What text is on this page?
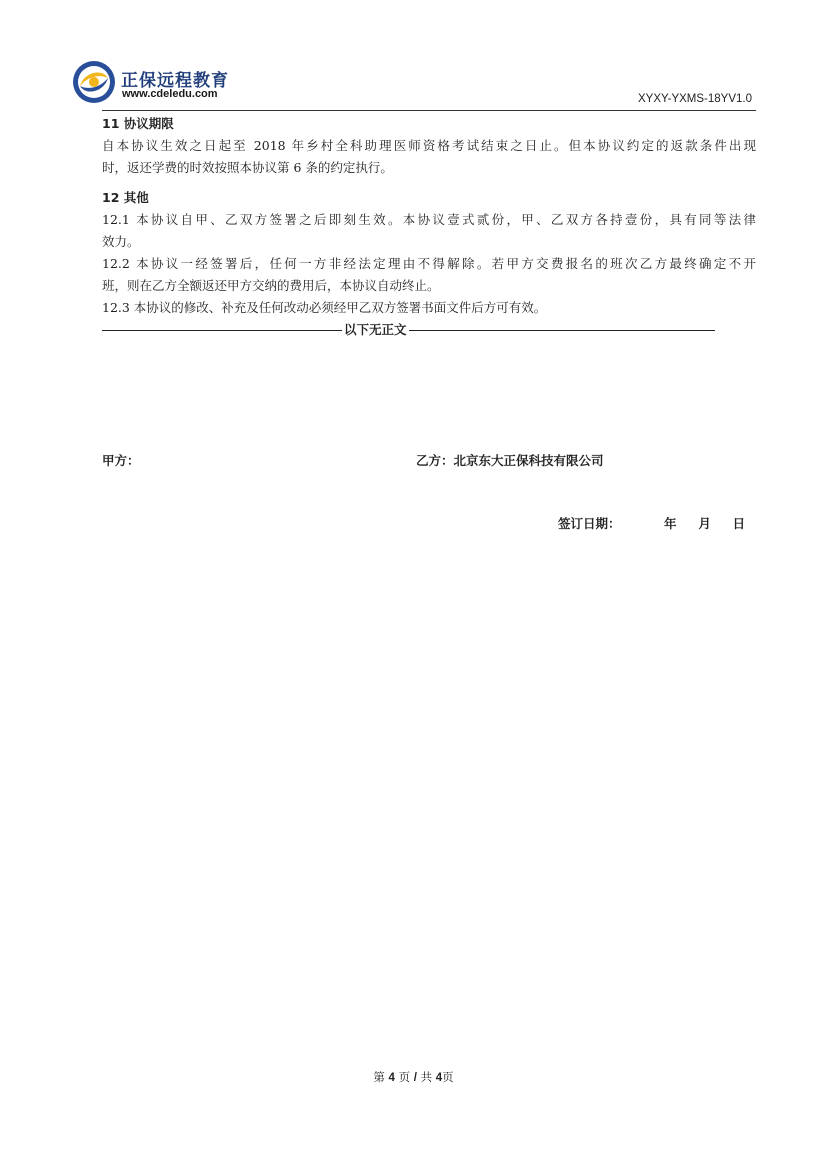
正保远程教育
www.cdeledu.com	XYXY-YXMS-18YV1.0
11 协议期限

自本协议生效之日起至 2018 年乡村全科助理医师资格考试结束之日止。但本协议约定的返款条件出现

时，返还学费的时效按照本协议第 6 条的约定执行。

12 其他

12.1 本协议自甲、乙双方签署之后即刻生效。本协议壹式贰份，甲、乙双方各持壹份，具有同等法律

效力。

12.2 本协议一经签署后，任何一方非经法定理由不得解除。若甲方交费报名的班次乙方最终确定不开

班，则在乙方全额返还甲方交纳的费用后，本协议自动终止。

12.3 本协议的修改、补充及任何改动必须经甲乙双方签署书面文件后方可有效。

以下无正文
甲方：	乙方：北京东大正保科技有限公司
签订日期：	年 月 日
第 4 页 / 共 4页
